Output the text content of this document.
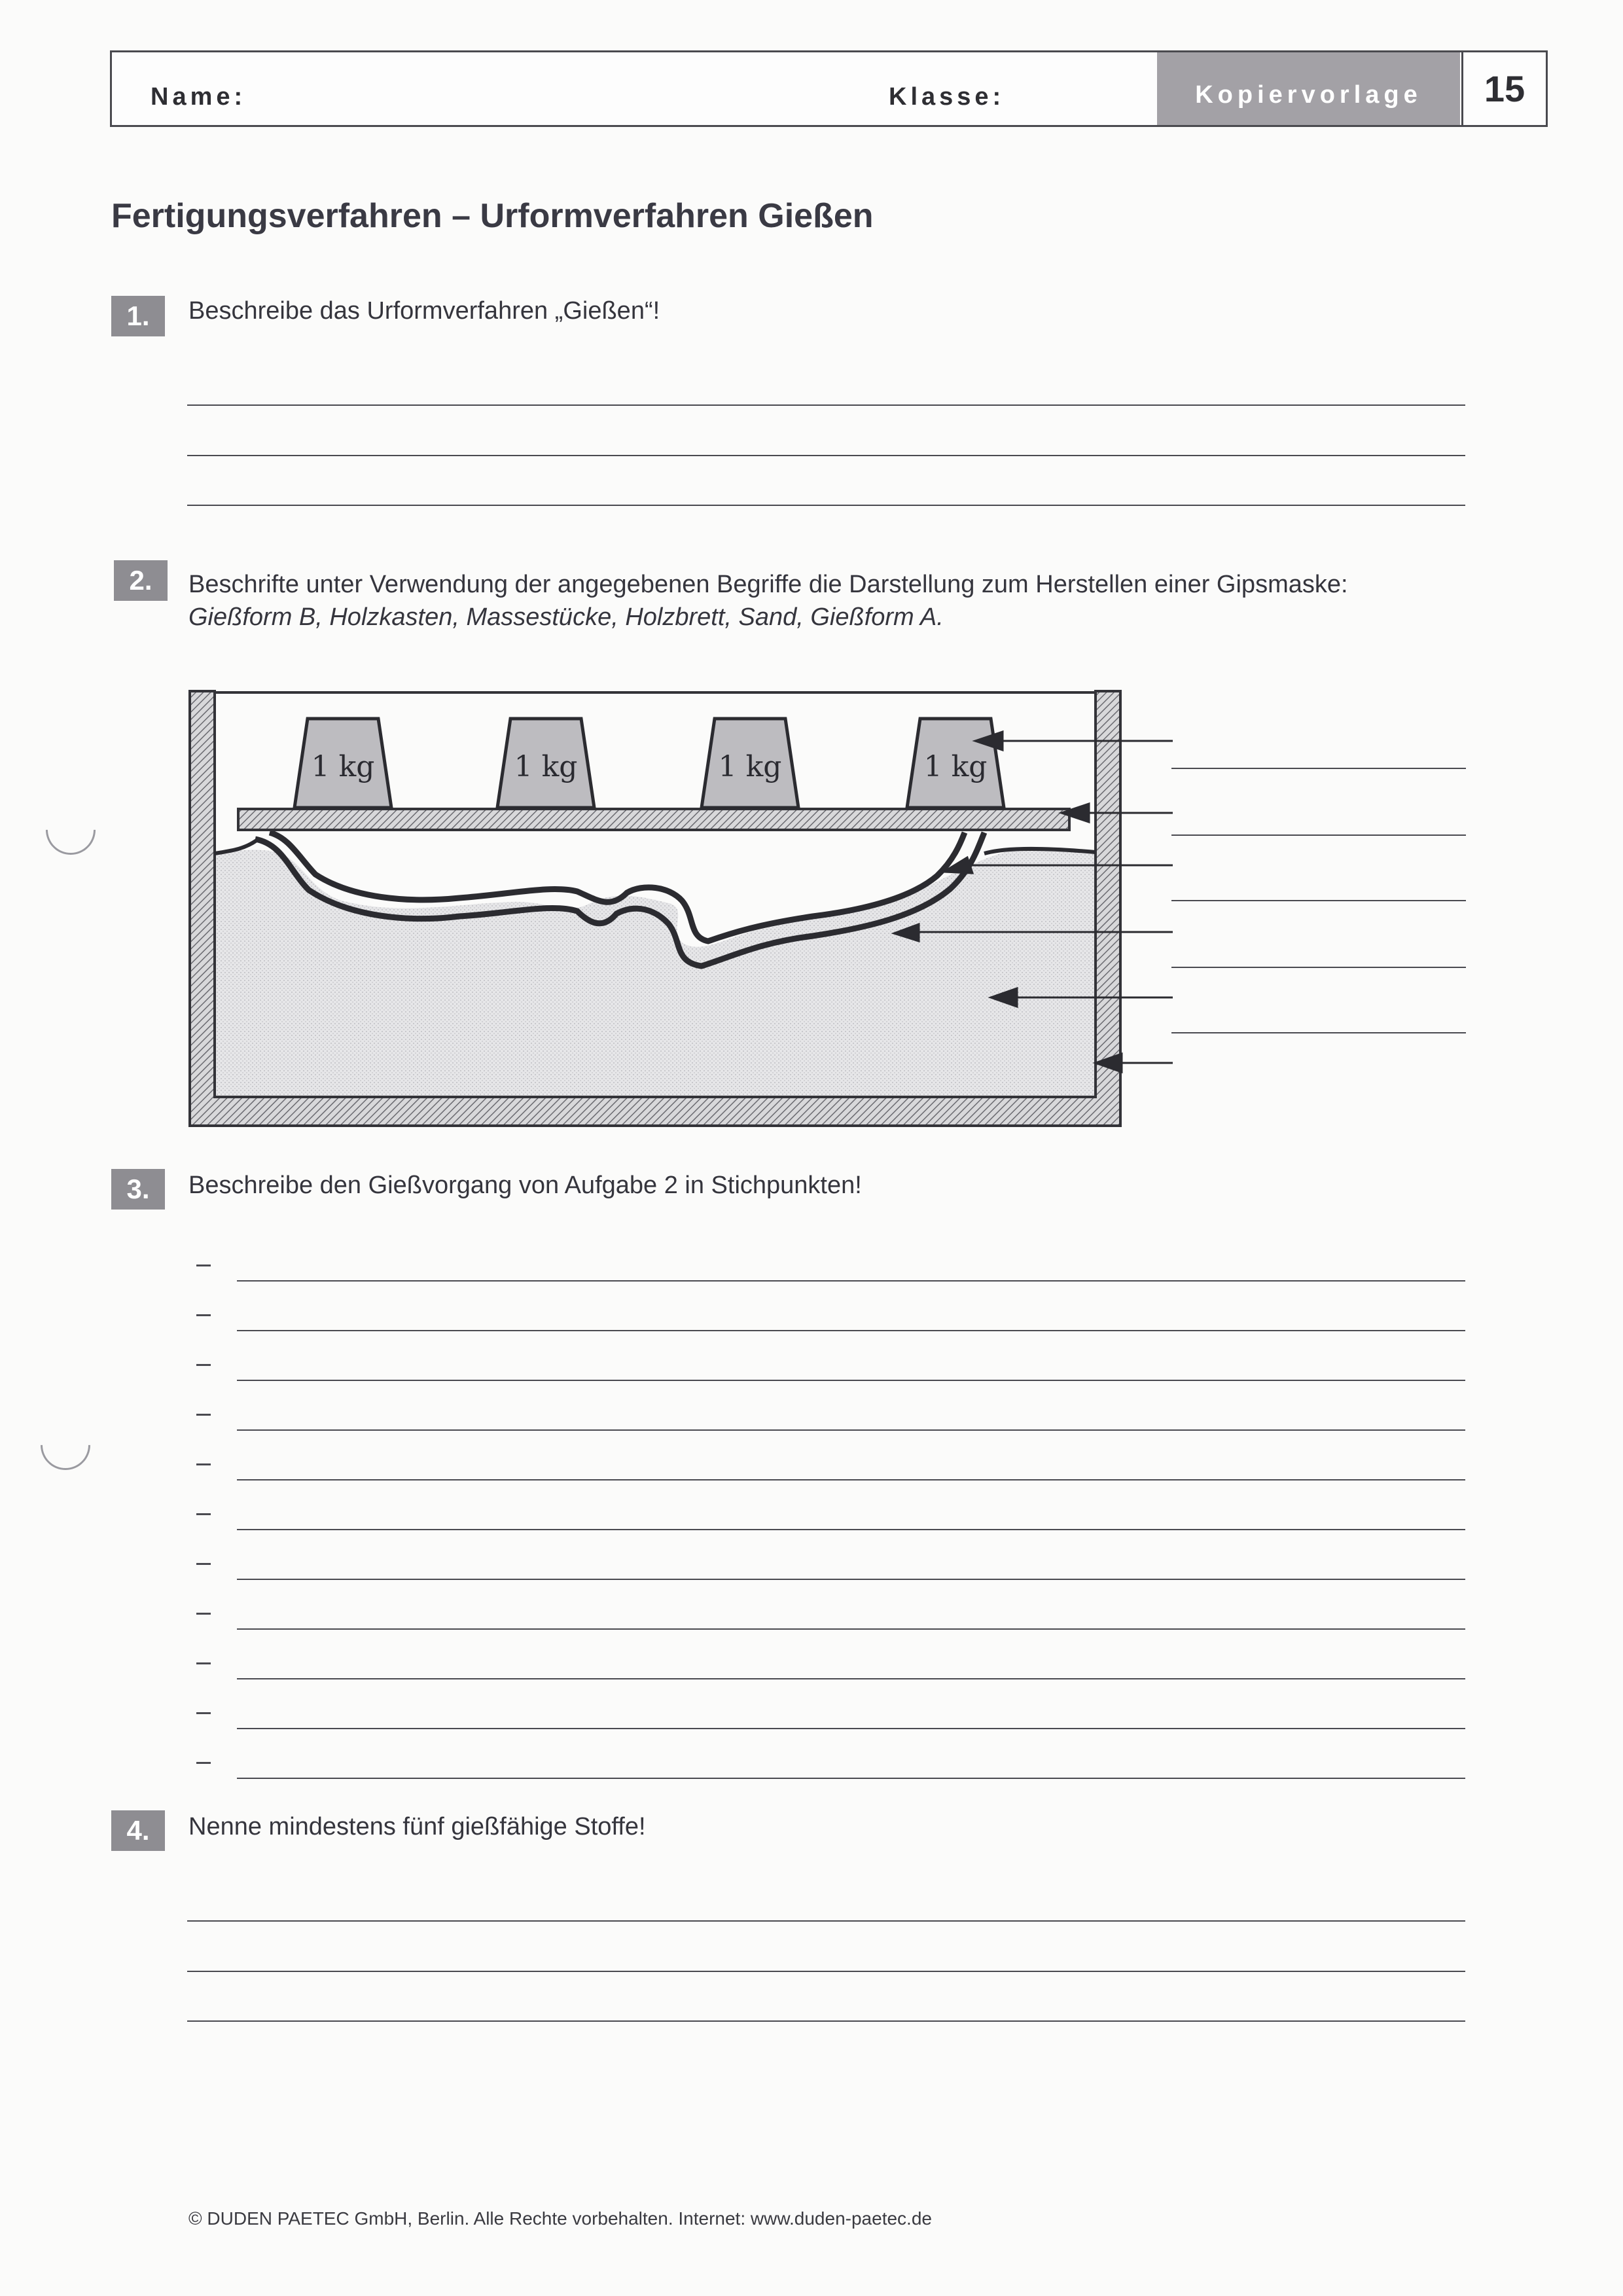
Name:	Klasse:	Kopiervorlage	15
Fertigungsverfahren – Urformverfahren Gießen
1.	Beschreibe das Urformverfahren „Gießen“!
2.	Beschrifte unter Verwendung der angegebenen Begriffe die Darstellung zum Herstellen einer Gipsmaske:
Gießform B, Holzkasten, Massestücke, Holzbrett, Sand, Gießform A.
1 kg	1 kg	1 kg	1 kg
3.	Beschreibe den Gießvorgang von Aufgabe 2 in Stichpunkten!
4.	Nenne mindestens fünf gießfähige Stoffe!
© DUDEN PAETEC GmbH, Berlin. Alle Rechte vorbehalten. Internet: www.duden-paetec.de
